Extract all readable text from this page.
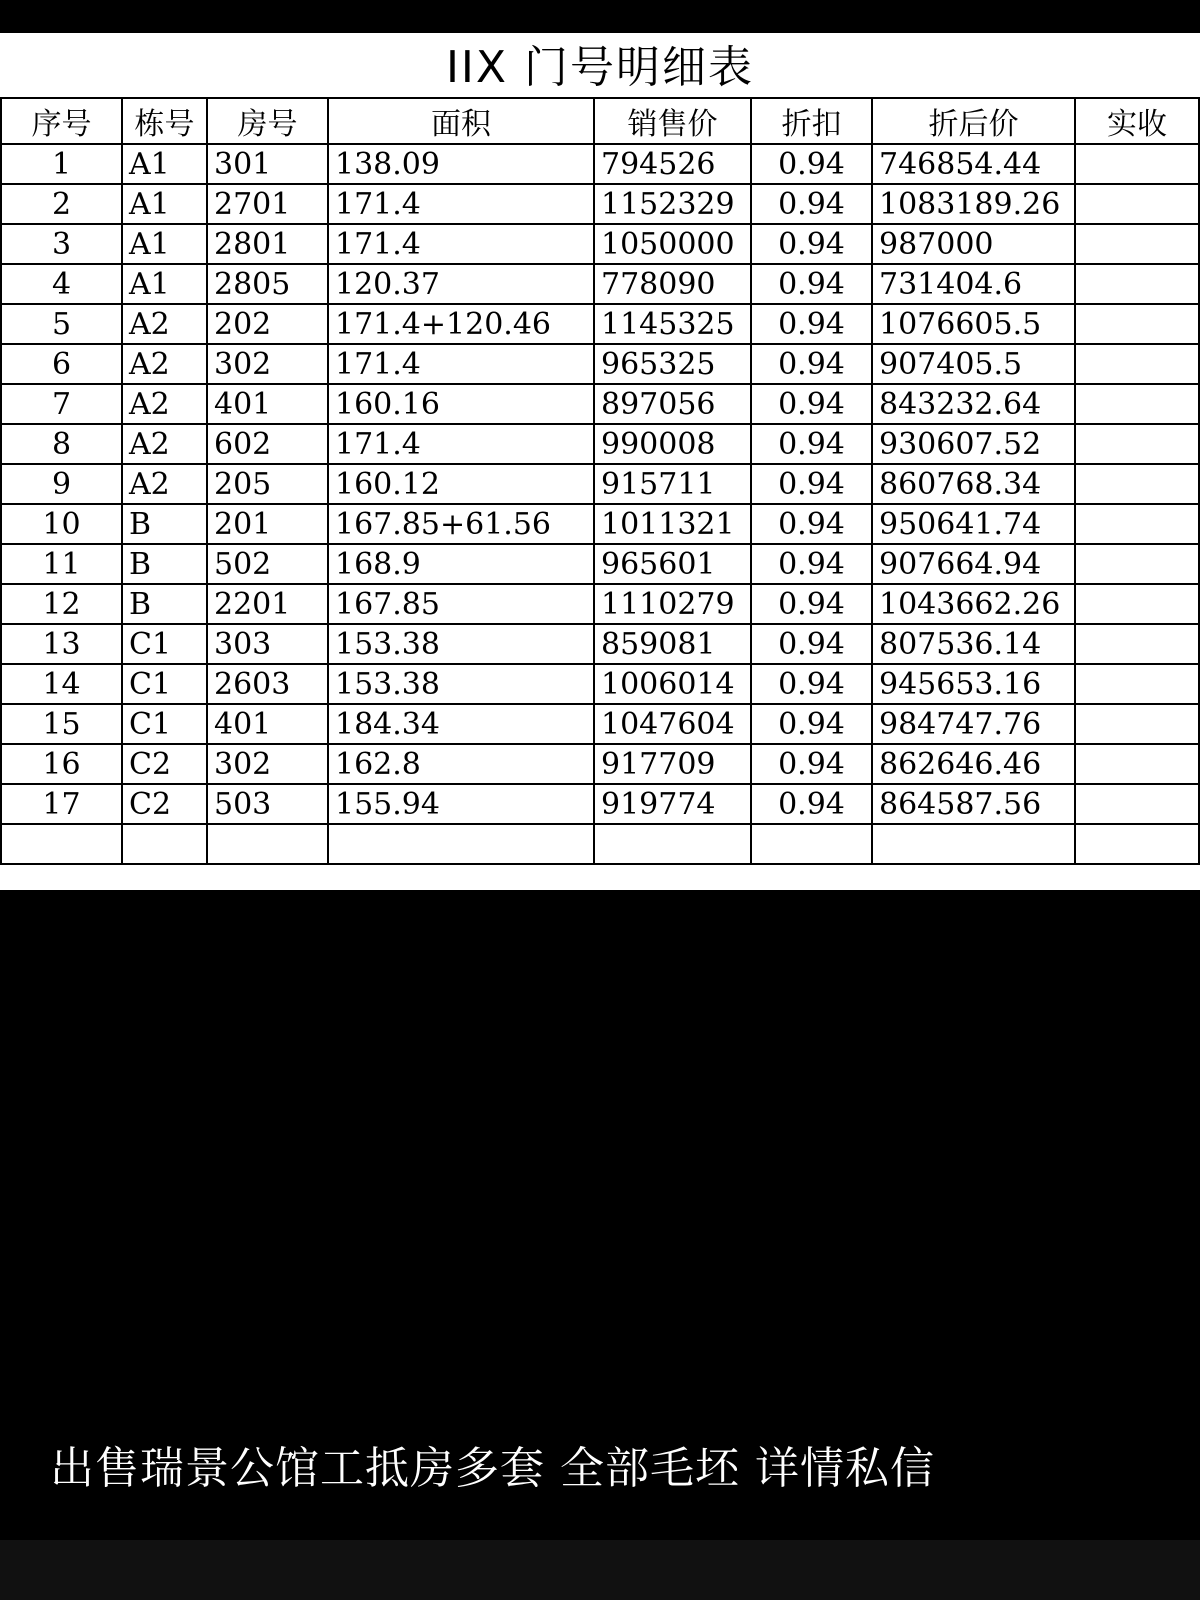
IIX 门号明细表
序号	栋号	房号	面积	销售价	折扣	折后价	实收
1	A1	301	138.09	794526	0.94	746854.44	
2	A1	2701	171.4	1152329	0.94	1083189.26	
3	A1	2801	171.4	1050000	0.94	987000	
4	A1	2805	120.37	778090	0.94	731404.6	
5	A2	202	171.4+120.46	1145325	0.94	1076605.5	
6	A2	302	171.4	965325	0.94	907405.5	
7	A2	401	160.16	897056	0.94	843232.64	
8	A2	602	171.4	990008	0.94	930607.52	
9	A2	205	160.12	915711	0.94	860768.34	
10	B	201	167.85+61.56	1011321	0.94	950641.74	
11	B	502	168.9	965601	0.94	907664.94	
12	B	2201	167.85	1110279	0.94	1043662.26	
13	C1	303	153.38	859081	0.94	807536.14	
14	C1	2603	153.38	1006014	0.94	945653.16	
15	C1	401	184.34	1047604	0.94	984747.76	
16	C2	302	162.8	917709	0.94	862646.46	
17	C2	503	155.94	919774	0.94	864587.56	

出售瑞景公馆工抵房多套 全部毛坯 详情私信
